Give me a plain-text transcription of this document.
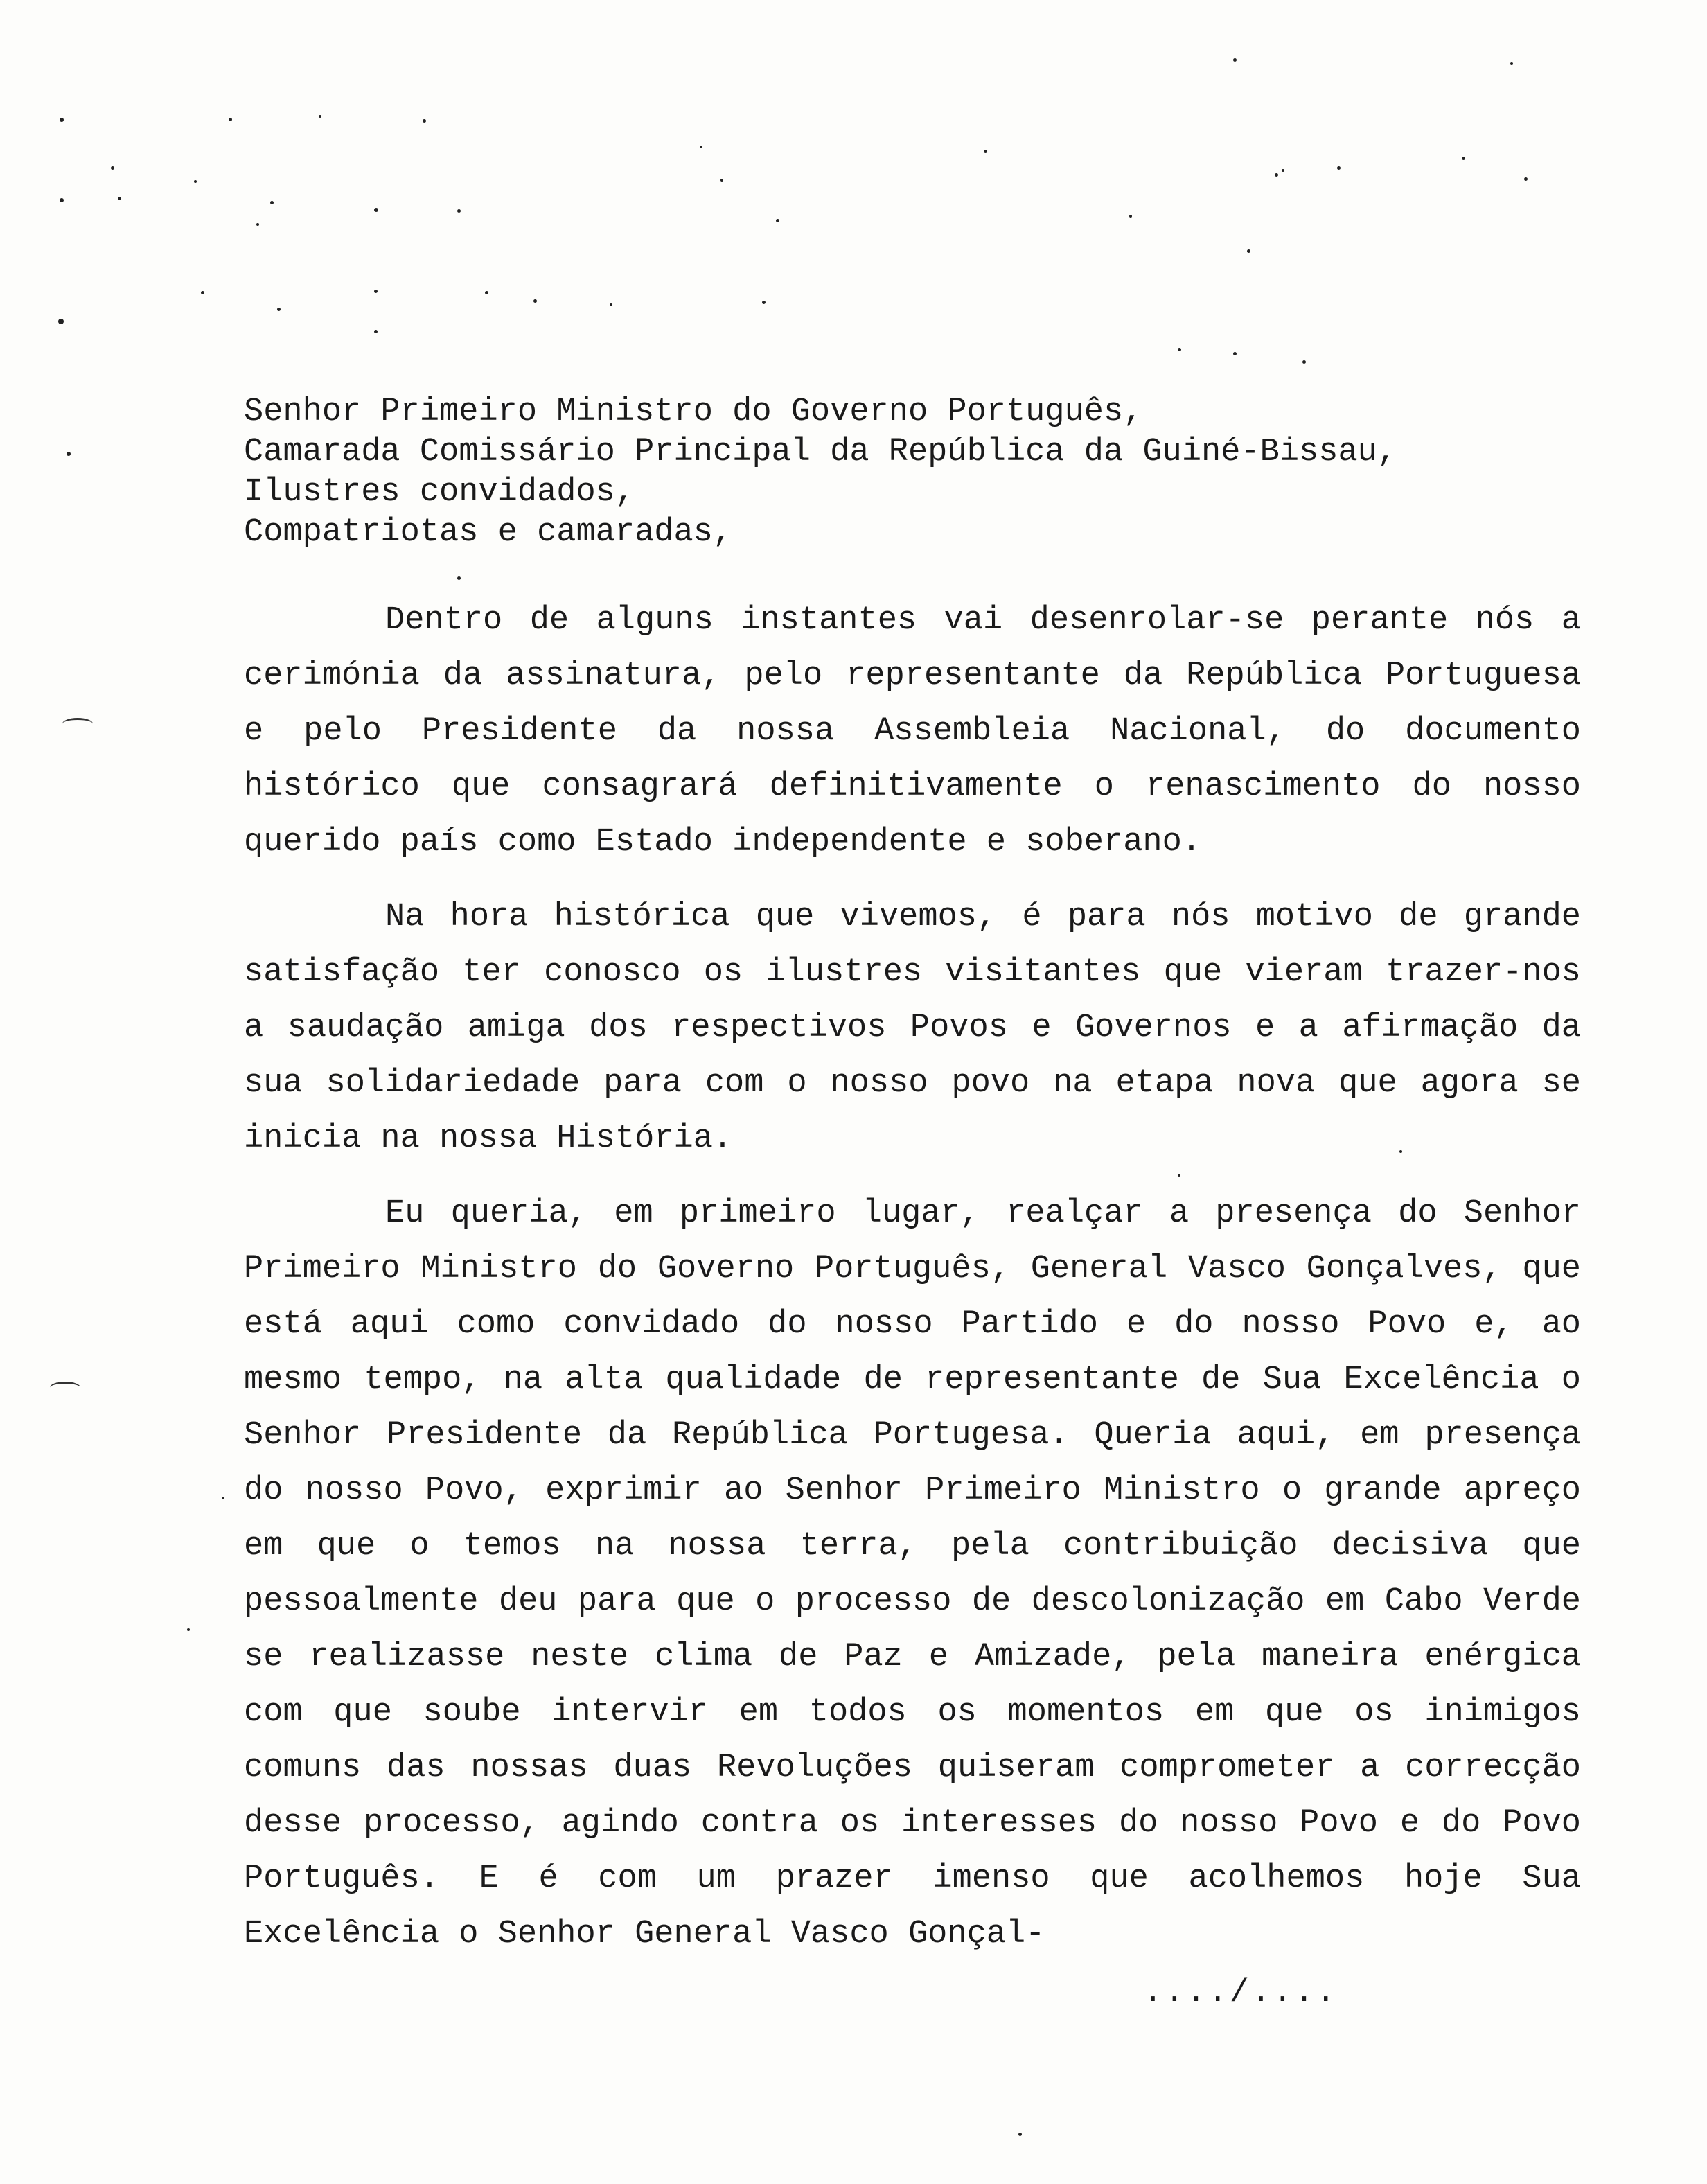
Senhor Primeiro Ministro do Governo Português,
Camarada Comissário Principal da República da Guiné-Bissau,
Ilustres convidados,
Compatriotas e camaradas,

Dentro de alguns instantes vai desenrolar-se perante nós a cerimónia da assinatura, pelo representante da República Portuguesa e pelo Presidente da nossa Assembleia Nacional, do documento histórico que consagrará definitivamente o renascimento do nosso querido país como Estado independente e soberano.

Na hora histórica que vivemos, é para nós motivo de grande satisfação ter conosco os ilustres visitantes que vieram trazer-nos a saudação amiga dos respectivos Povos e Governos e a afirmação da sua solidariedade para com o nosso povo na etapa nova que agora se inicia na nossa História.

Eu queria, em primeiro lugar, realçar a presença do Senhor Primeiro Ministro do Governo Português, General Vasco Gonçalves, que está aqui como convidado do nosso Partido e do nosso Povo e, ao mesmo tempo, na alta qualidade de representante de Sua Excelência o Senhor Presidente da República Portugesa. Queria aqui, em presença do nosso Povo, exprimir ao Senhor Primeiro Ministro o grande apreço em que o temos na nossa terra, pela contribuição decisiva que pessoalmente deu para que o processo de descolonização em Cabo Verde se realizasse neste clima de Paz e Amizade, pela maneira enérgica com que soube intervir em todos os momentos em que os inimigos comuns das nossas duas Revoluções quiseram comprometer a correcção desse processo, agindo contra os interesses do nosso Povo e do Povo Português. E é com um prazer imenso que acolhemos hoje Sua Excelência o Senhor General Vasco Gonçal-

..../....
